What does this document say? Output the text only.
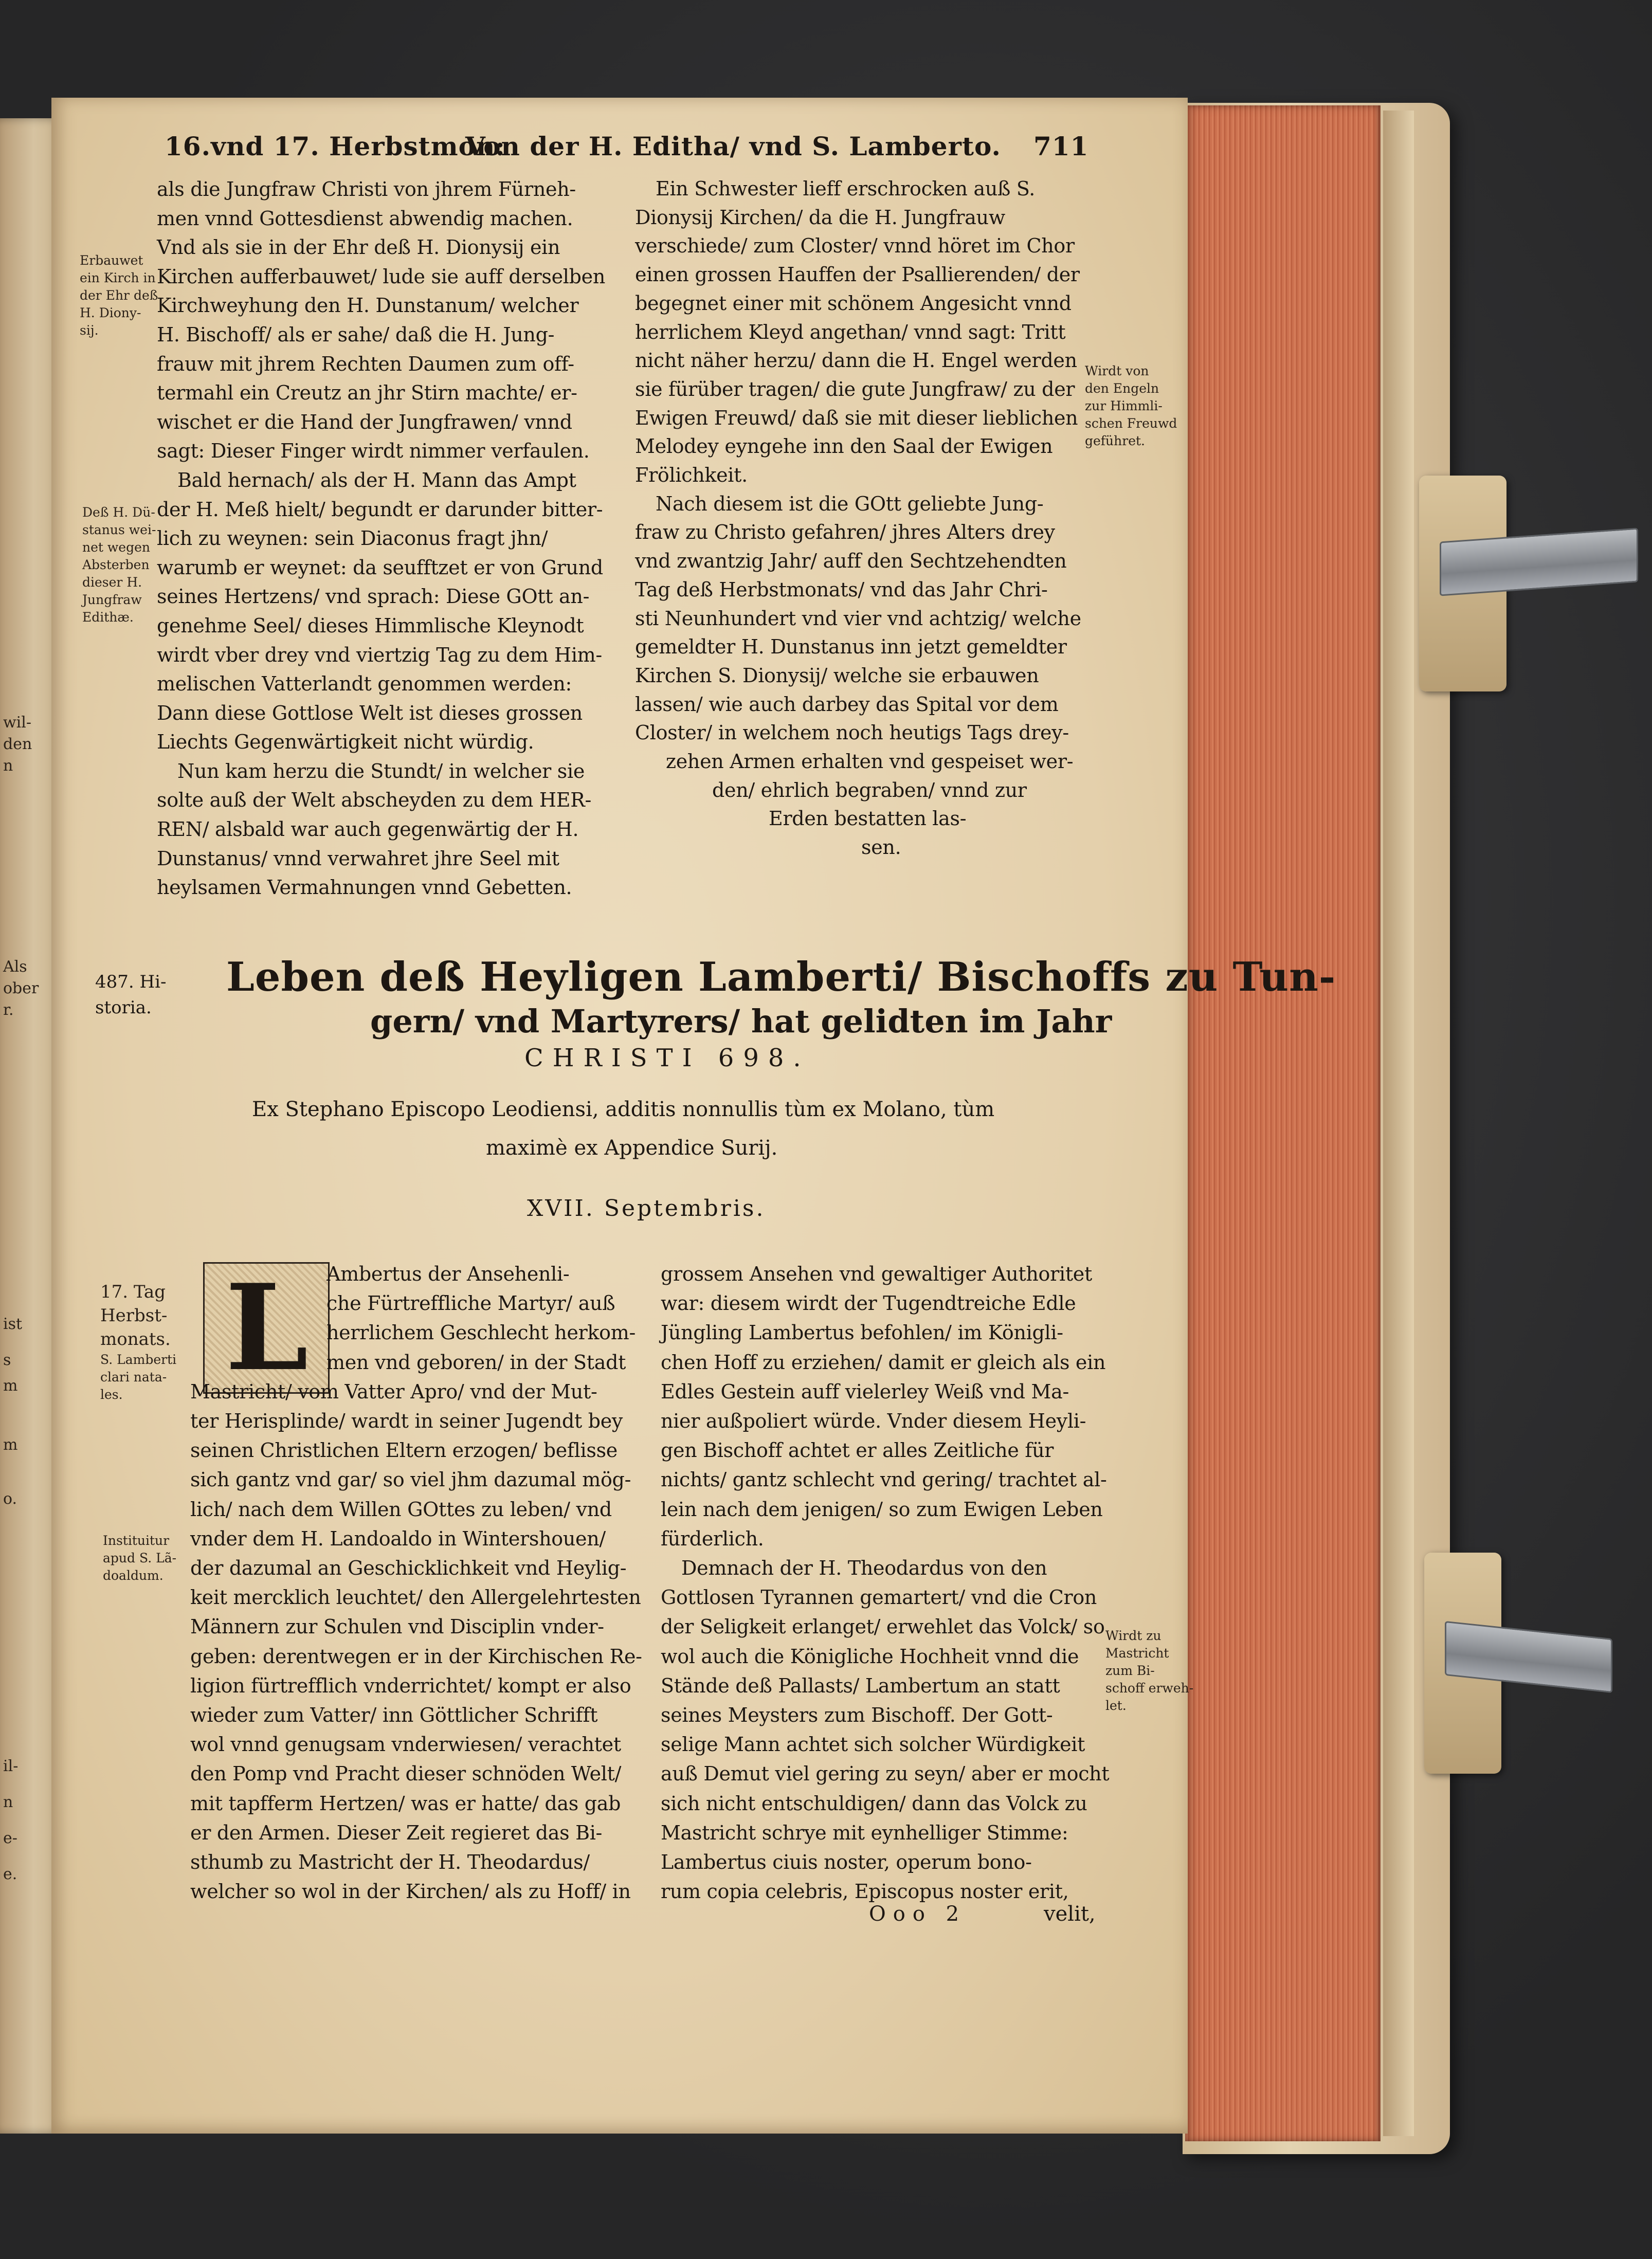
wil-
den
n
Als
ober
r.
ist
s
m
m
o.
il-
n
e-
e.
16.vnd 17. Herbstmon:
Von der H. Editha/ vnd S. Lamberto. 711
als die Jungfraw Christi von jhrem Fürneh-
men vnnd Gottesdienst abwendig machen.
Vnd als sie in der Ehr deß H. Dionysij ein
Kirchen aufferbauwet/ lude sie auff derselben
Kirchweyhung den H. Dunstanum/ welcher
H. Bischoff/ als er sahe/ daß die H. Jung-
frauw mit jhrem Rechten Daumen zum off-
termahl ein Creutz an jhr Stirn machte/ er-
wischet er die Hand der Jungfrawen/ vnnd
sagt: Dieser Finger wirdt nimmer verfaulen.
Bald hernach/ als der H. Mann das Ampt
der H. Meß hielt/ begundt er darunder bitter-
lich zu weynen: sein Diaconus fragt jhn/
warumb er weynet: da seufftzet er von Grund
seines Hertzens/ vnd sprach: Diese GOtt an-
genehme Seel/ dieses Himmlische Kleynodt
wirdt vber drey vnd viertzig Tag zu dem Him-
melischen Vatterlandt genommen werden:
Dann diese Gottlose Welt ist dieses grossen
Liechts Gegenwärtigkeit nicht würdig.
Nun kam herzu die Stundt/ in welcher sie
solte auß der Welt abscheyden zu dem HER-
REN/ alsbald war auch gegenwärtig der H.
Dunstanus/ vnnd verwahret jhre Seel mit
heylsamen Vermahnungen vnnd Gebetten.
Ein Schwester lieff erschrocken auß S.
Dionysij Kirchen/ da die H. Jungfrauw
verschiede/ zum Closter/ vnnd höret im Chor
einen grossen Hauffen der Psallierenden/ der
begegnet einer mit schönem Angesicht vnnd
herrlichem Kleyd angethan/ vnnd sagt: Tritt
nicht näher herzu/ dann die H. Engel werden
sie fürüber tragen/ die gute Jungfraw/ zu der
Ewigen Freuwd/ daß sie mit dieser lieblichen
Melodey eyngehe inn den Saal der Ewigen
Frölichkeit.
Nach diesem ist die GOtt geliebte Jung-
fraw zu Christo gefahren/ jhres Alters drey
vnd zwantzig Jahr/ auff den Sechtzehendten
Tag deß Herbstmonats/ vnd das Jahr Chri-
sti Neunhundert vnd vier vnd achtzig/ welche
gemeldter H. Dunstanus inn jetzt gemeldter
Kirchen S. Dionysij/ welche sie erbauwen
lassen/ wie auch darbey das Spital vor dem
Closter/ in welchem noch heutigs Tags drey-
zehen Armen erhalten vnd gespeiset wer-
den/ ehrlich begraben/ vnnd zur
Erden bestatten las-
sen.
Erbauwet
ein Kirch in
der Ehr deß
H. Diony-
sij.
Deß H. Dü-
stanus wei-
net wegen
Absterben
dieser H.
Jungfraw
Edithæ.
Wirdt von
den Engeln
zur Himmli-
schen Freuwd
geführet.
487. Hi-
storia.
Leben deß Heyligen Lamberti/ Bischoffs zu Tun-
gern/ vnd Martyrers/ hat gelidten im Jahr
CHRISTI 698.
Ex Stephano Episcopo Leodiensi, additis nonnullis tùm ex Molano, tùm
maximè ex Appendice Surij.
XVII. Septembris.
17. Tag
Herbst-
monats.
S. Lamberti
clari nata-
les.
Instituitur
apud S. Lã-
doaldum.
Wirdt zu
Mastricht
zum Bi-
schoff erweh-
let.
L Ambertus der Ansehenli-
che Fürtreffliche Martyr/ auß
herrlichem Geschlecht herkom-
men vnd geboren/ in der Stadt
Mastricht/ vom Vatter Apro/ vnd der Mut-
ter Herisplinde/ wardt in seiner Jugendt bey
seinen Christlichen Eltern erzogen/ beflisse
sich gantz vnd gar/ so viel jhm dazumal mög-
lich/ nach dem Willen GOttes zu leben/ vnd
vnder dem H. Landoaldo in Wintershouen/
der dazumal an Geschicklichkeit vnd Heylig-
keit mercklich leuchtet/ den Allergelehrtesten
Männern zur Schulen vnd Disciplin vnder-
geben: derentwegen er in der Kirchischen Re-
ligion fürtrefflich vnderrichtet/ kompt er also
wieder zum Vatter/ inn Göttlicher Schrifft
wol vnnd genugsam vnderwiesen/ verachtet
den Pomp vnd Pracht dieser schnöden Welt/
mit tapfferm Hertzen/ was er hatte/ das gab
er den Armen. Dieser Zeit regieret das Bi-
sthumb zu Mastricht der H. Theodardus/
welcher so wol in der Kirchen/ als zu Hoff/ in
grossem Ansehen vnd gewaltiger Authoritet
war: diesem wirdt der Tugendtreiche Edle
Jüngling Lambertus befohlen/ im Königli-
chen Hoff zu erziehen/ damit er gleich als ein
Edles Gestein auff vielerley Weiß vnd Ma-
nier außpoliert würde. Vnder diesem Heyli-
gen Bischoff achtet er alles Zeitliche für
nichts/ gantz schlecht vnd gering/ trachtet al-
lein nach dem jenigen/ so zum Ewigen Leben
fürderlich.
Demnach der H. Theodardus von den
Gottlosen Tyrannen gemartert/ vnd die Cron
der Seligkeit erlanget/ erwehlet das Volck/ so
wol auch die Königliche Hochheit vnnd die
Stände deß Pallasts/ Lambertum an statt
seines Meysters zum Bischoff. Der Gott-
selige Mann achtet sich solcher Würdigkeit
auß Demut viel gering zu seyn/ aber er mocht
sich nicht entschuldigen/ dann das Volck zu
Mastricht schrye mit eynhelliger Stimme:
Lambertus ciuis noster, operum bono-
rum copia celebris, Episcopus noster erit,
Ooo 2	velit,
